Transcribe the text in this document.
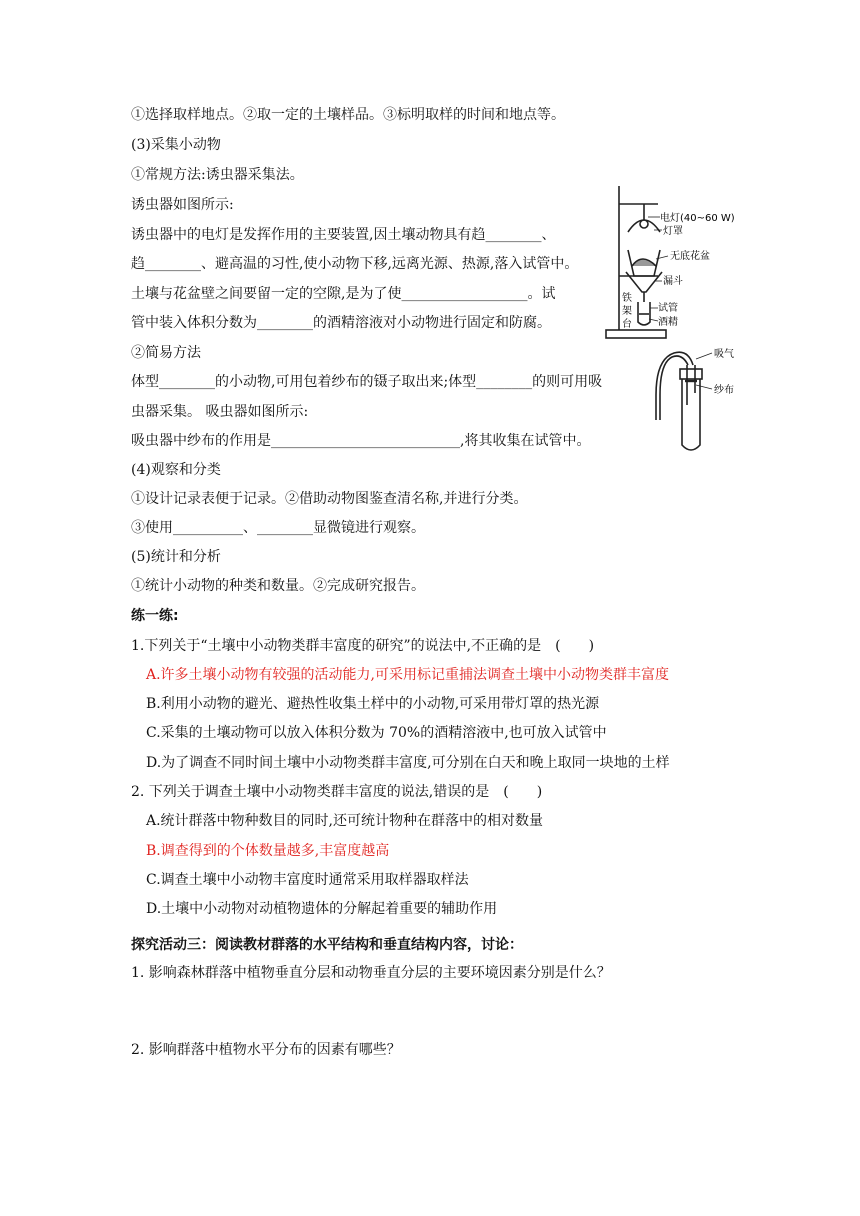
①选择取样地点。②取一定的土壤样品。③标明取样的时间和地点等。
(3)采集小动物
①常规方法:诱虫器采集法。
诱虫器如图所示:
诱虫器中的电灯是发挥作用的主要装置,因土壤动物具有趋________、
趋________、避高温的习性,使小动物下移,远离光源、热源,落入试管中。
土壤与花盆壁之间要留一定的空隙,是为了使__________________。试
管中装入体积分数为________的酒精溶液对小动物进行固定和防腐。
②简易方法
体型________的小动物,可用包着纱布的镊子取出来;体型________的则可用吸
虫器采集。 吸虫器如图所示:
吸虫器中纱布的作用是___________________________,将其收集在试管中。
(4)观察和分类
①设计记录表便于记录。②借助动物图鉴查清名称,并进行分类。
③使用__________、________显微镜进行观察。
(5)统计和分析
①统计小动物的种类和数量。②完成研究报告。
练一练:
1.下列关于“土壤中小动物类群丰富度的研究”的说法中,不正确的是　(　　)
A.许多土壤小动物有较强的活动能力,可采用标记重捕法调查土壤中小动物类群丰富度
B.利用小动物的避光、避热性收集土样中的小动物,可采用带灯罩的热光源
C.采集的土壤动物可以放入体积分数为 70%的酒精溶液中,也可放入试管中
D.为了调查不同时间土壤中小动物类群丰富度,可分别在白天和晚上取同一块地的土样
2. 下列关于调查土壤中小动物类群丰富度的说法,错误的是　(　　)
A.统计群落中物种数目的同时,还可统计物种在群落中的相对数量
B.调查得到的个体数量越多,丰富度越高
C.调查土壤中小动物丰富度时通常采用取样器取样法
D.土壤中小动物对动植物遗体的分解起着重要的辅助作用
探究活动三：阅读教材群落的水平结构和垂直结构内容，讨论：
1. 影响森林群落中植物垂直分层和动物垂直分层的主要环境因素分别是什么？
2. 影响群落中植物水平分布的因素有哪些？
电灯(40~60 W)
灯罩
无底花盆
漏斗
试管
酒精
铁
架
台
吸气
纱布
